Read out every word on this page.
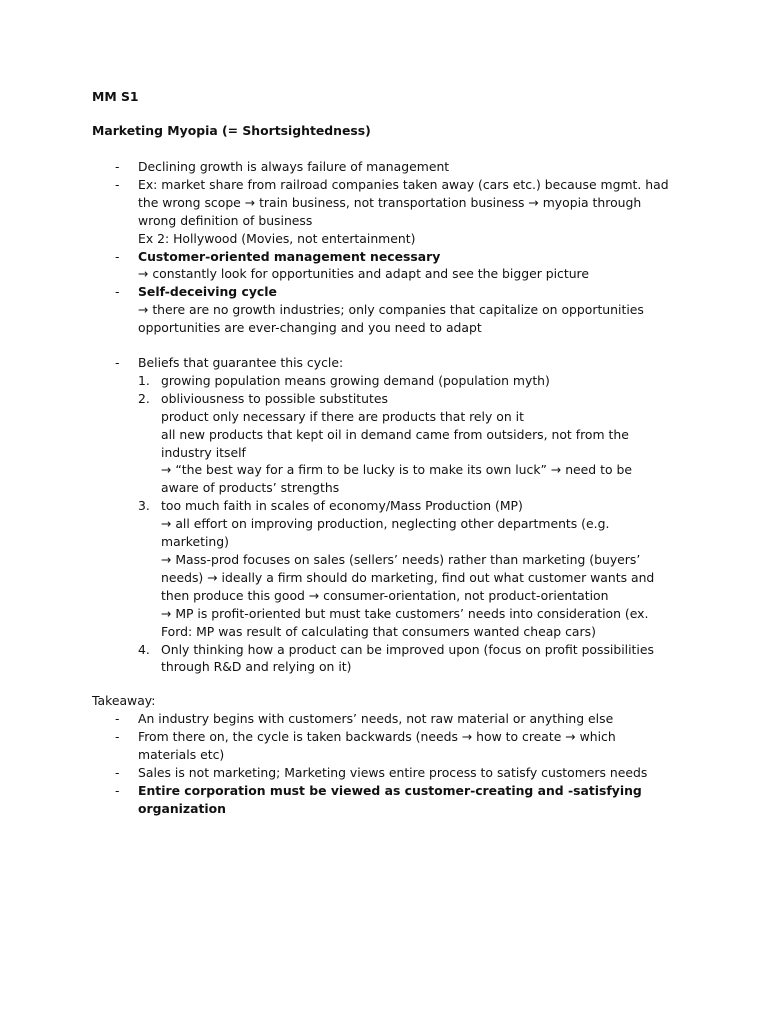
MM S1
Marketing Myopia (= Shortsightedness)
- Declining growth is always failure of management
- Ex: market share from railroad companies taken away (cars etc.) because mgmt. had
the wrong scope → train business, not transportation business → myopia through
wrong definition of business
Ex 2: Hollywood (Movies, not entertainment)
- Customer-oriented management necessary
→ constantly look for opportunities and adapt and see the bigger picture
- Self-deceiving cycle
→ there are no growth industries; only companies that capitalize on opportunities
opportunities are ever-changing and you need to adapt
- Beliefs that guarantee this cycle:
1. growing population means growing demand (population myth)
2. obliviousness to possible substitutes
product only necessary if there are products that rely on it
all new products that kept oil in demand came from outsiders, not from the
industry itself
→ “the best way for a firm to be lucky is to make its own luck” → need to be
aware of products’ strengths
3. too much faith in scales of economy/Mass Production (MP)
→ all effort on improving production, neglecting other departments (e.g.
marketing)
→ Mass-prod focuses on sales (sellers’ needs) rather than marketing (buyers’
needs) → ideally a firm should do marketing, find out what customer wants and
then produce this good → consumer-orientation, not product-orientation
→ MP is profit-oriented but must take customers’ needs into consideration (ex.
Ford: MP was result of calculating that consumers wanted cheap cars)
4. Only thinking how a product can be improved upon (focus on profit possibilities
through R&D and relying on it)
Takeaway:
- An industry begins with customers’ needs, not raw material or anything else
- From there on, the cycle is taken backwards (needs → how to create → which
materials etc)
- Sales is not marketing; Marketing views entire process to satisfy customers needs
- Entire corporation must be viewed as customer-creating and -satisfying
organization
